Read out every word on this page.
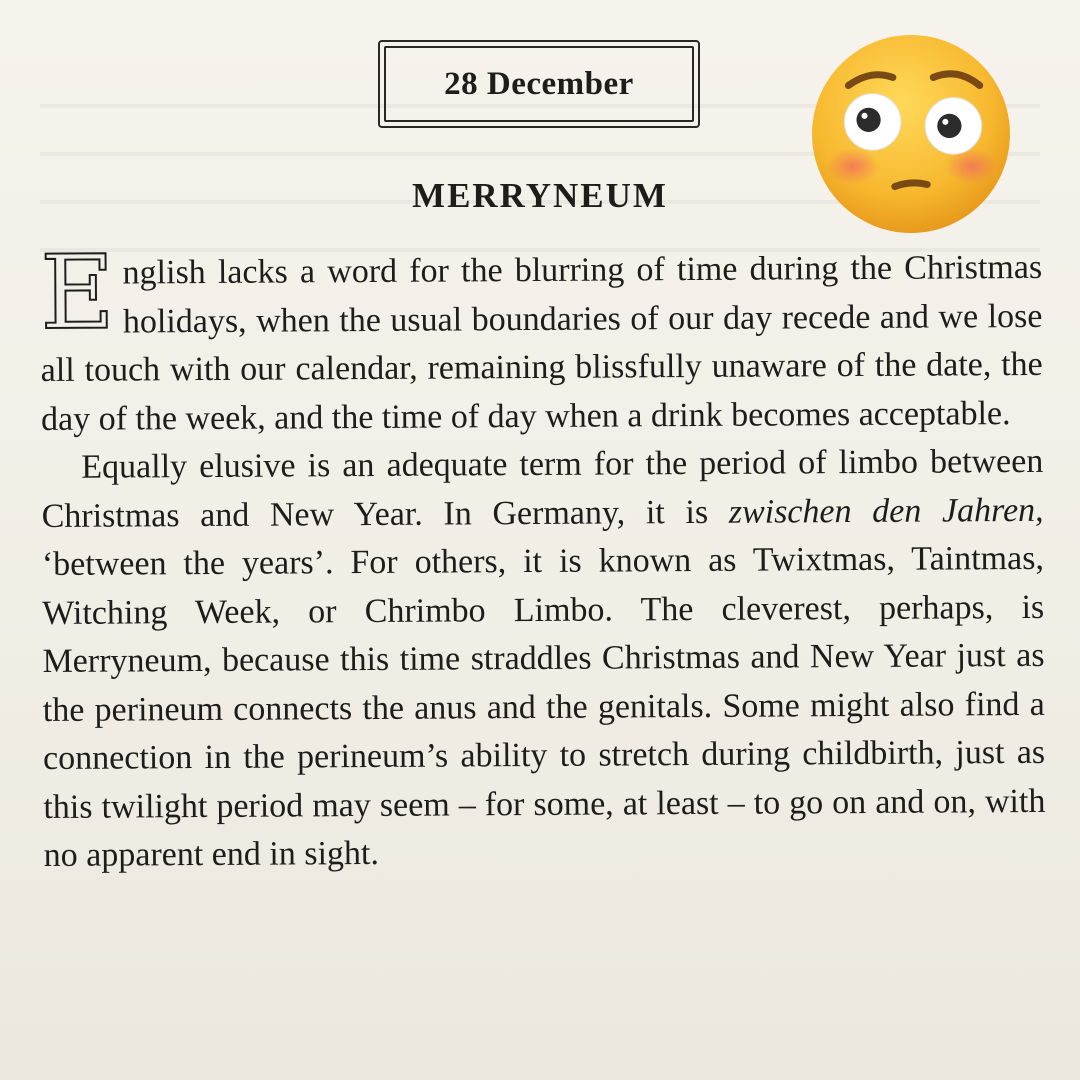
28 December
MERRYNEUM

English lacks a word for the blurring of time during the Christmas holidays, when the usual boundaries of our day recede and we lose all touch with our calendar, remaining blissfully unaware of the date, the day of the week, and the time of day when a drink becomes acceptable.

Equally elusive is an adequate term for the period of limbo between Christmas and New Year. In Germany, it is zwischen den Jahren, ‘between the years’. For others, it is known as Twixtmas, Taintmas, Witching Week, or Chrimbo Limbo. The cleverest, perhaps, is Merryneum, because this time straddles Christmas and New Year just as the perineum connects the anus and the genitals. Some might also find a connection in the perineum’s ability to stretch during childbirth, just as this twilight period may seem – for some, at least – to go on and on, with no apparent end in sight.
